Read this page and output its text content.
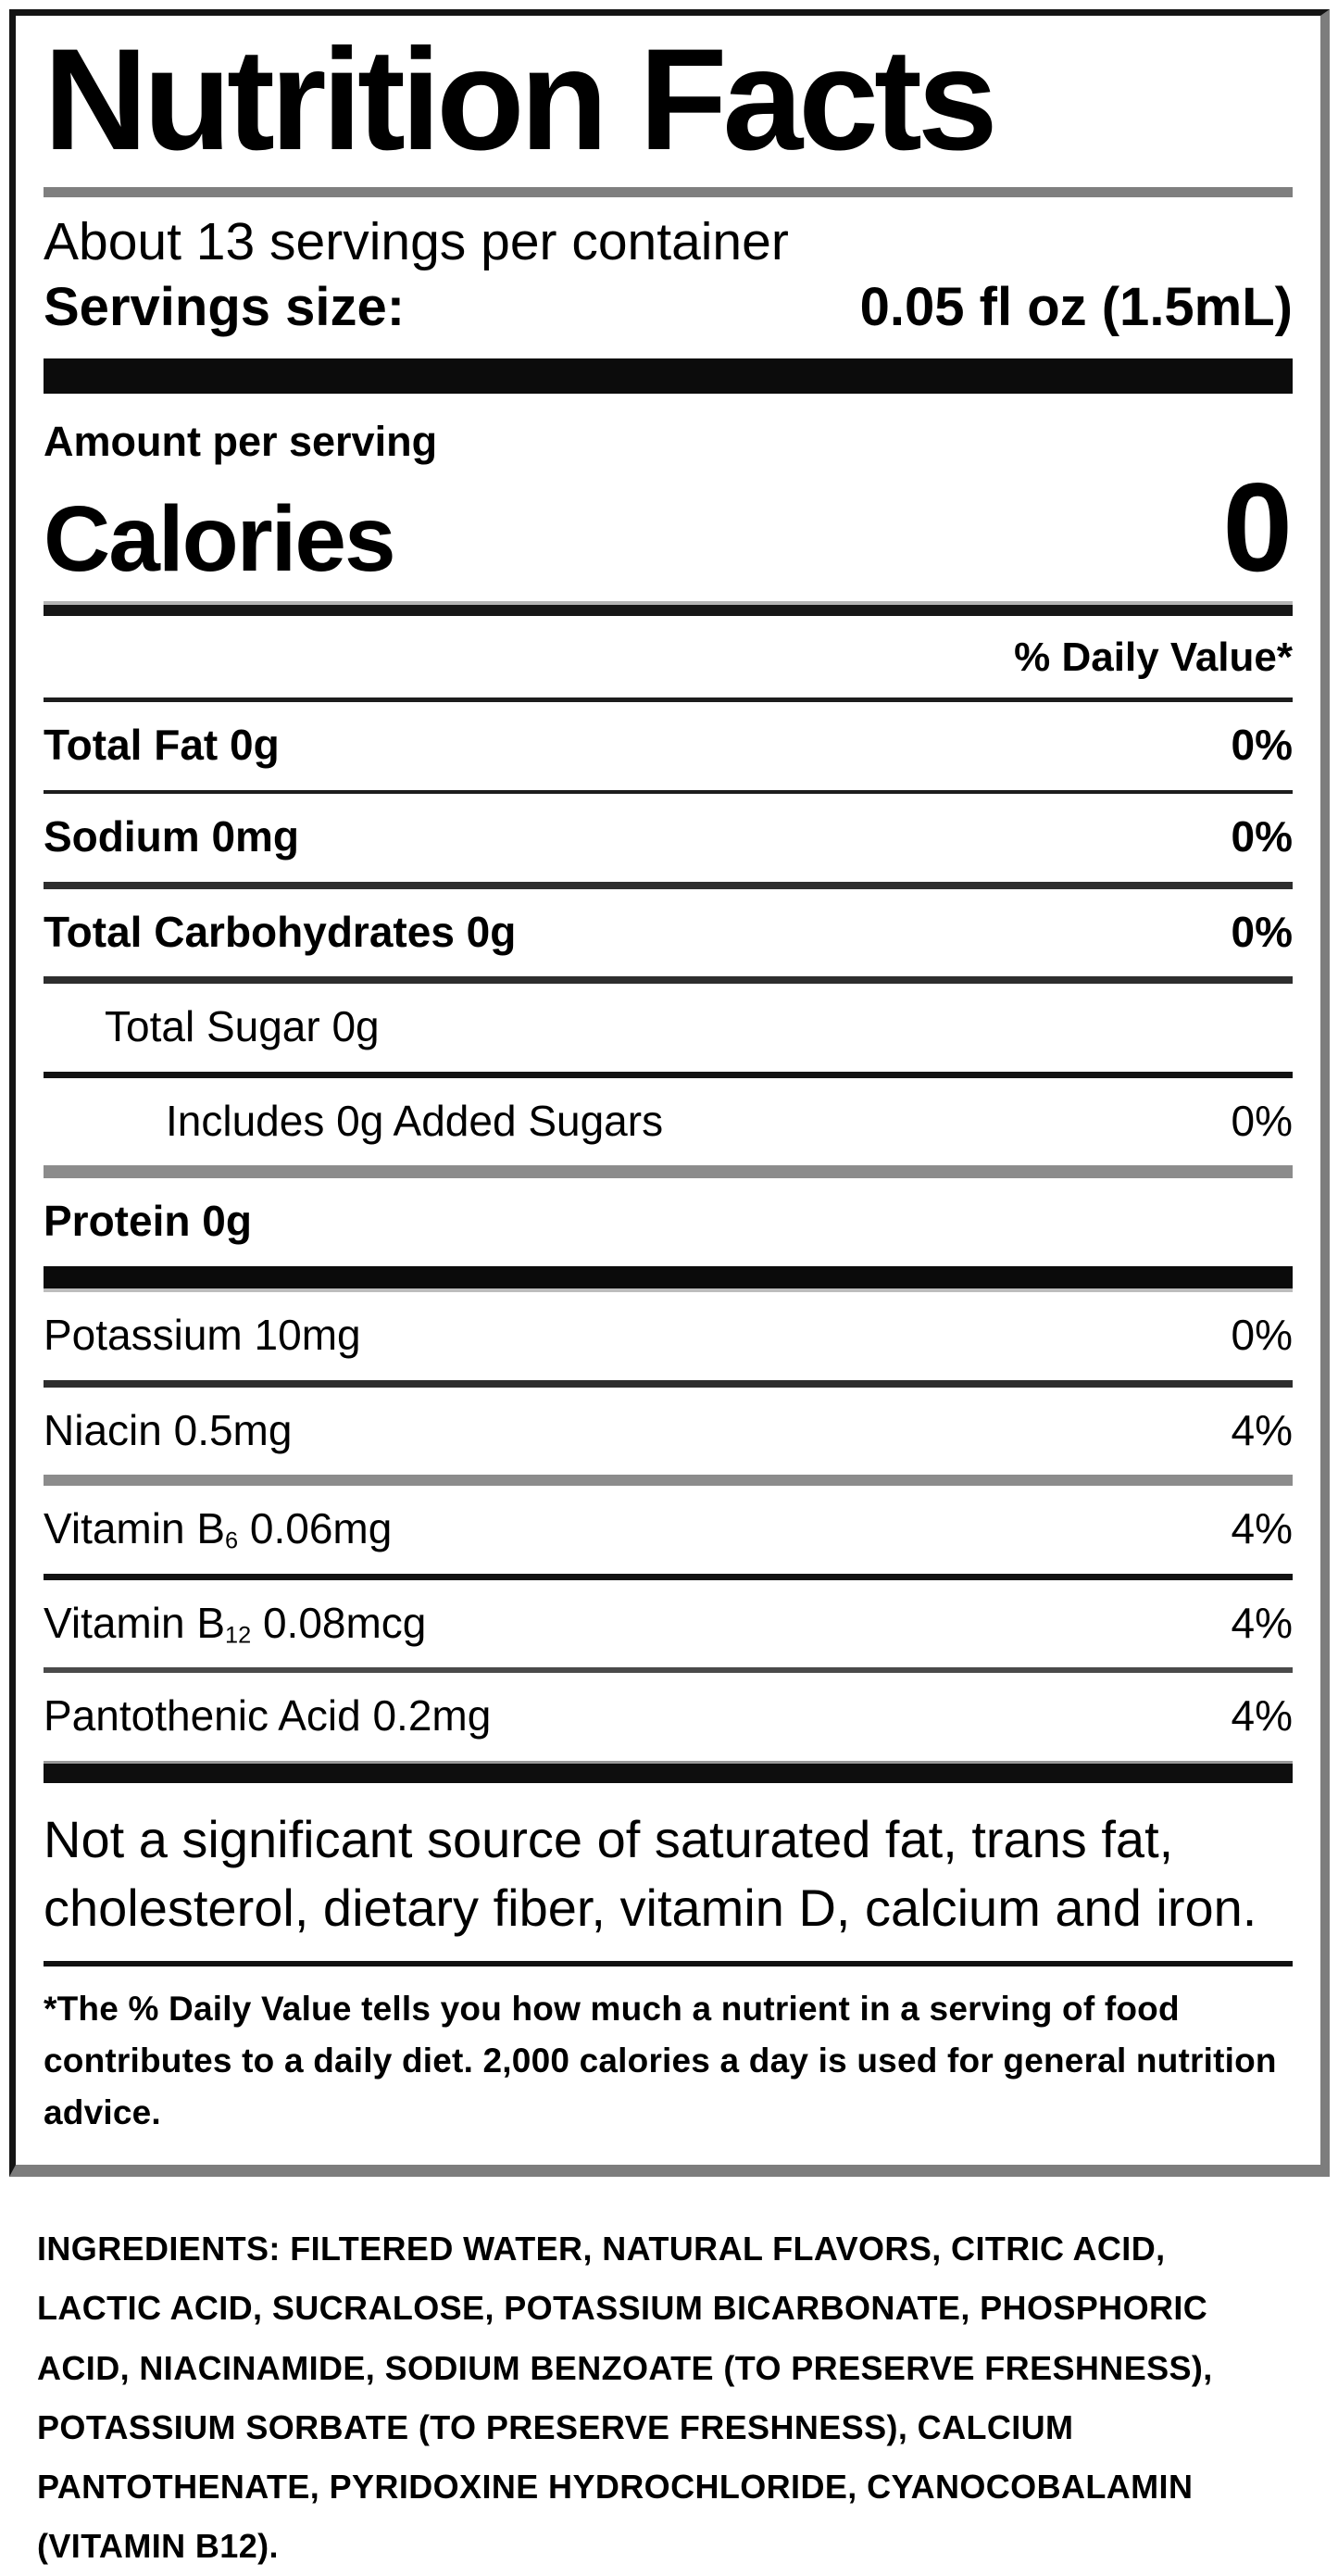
Nutrition Facts
About 13 servings per container
Servings size:	0.05 fl oz (1.5mL)
Amount per serving
Calories	0
% Daily Value*
Total Fat 0g	0%
Sodium 0mg	0%
Total Carbohydrates 0g	0%
Total Sugar 0g
Includes 0g Added Sugars	0%
Protein 0g
Potassium 10mg	0%
Niacin 0.5mg	4%
Vitamin $B_6$ 0.06mg	4%
Vitamin $B_{12}$ 0.08mcg	4%
Pantothenic Acid 0.2mg	4%
Not a significant source of saturated fat, trans fat, cholesterol, dietary fiber, vitamin D, calcium and iron.
*The % Daily Value tells you how much a nutrient in a serving of food contributes to a daily diet. 2,000 calories a day is used for general nutrition advice.
INGREDIENTS: FILTERED WATER, NATURAL FLAVORS, CITRIC ACID, LACTIC ACID, SUCRALOSE, POTASSIUM BICARBONATE, PHOSPHORIC ACID, NIACINAMIDE, SODIUM BENZOATE (TO PRESERVE FRESHNESS), POTASSIUM SORBATE (TO PRESERVE FRESHNESS), CALCIUM PANTOTHENATE, PYRIDOXINE HYDROCHLORIDE, CYANOCOBALAMIN (VITAMIN B12).
